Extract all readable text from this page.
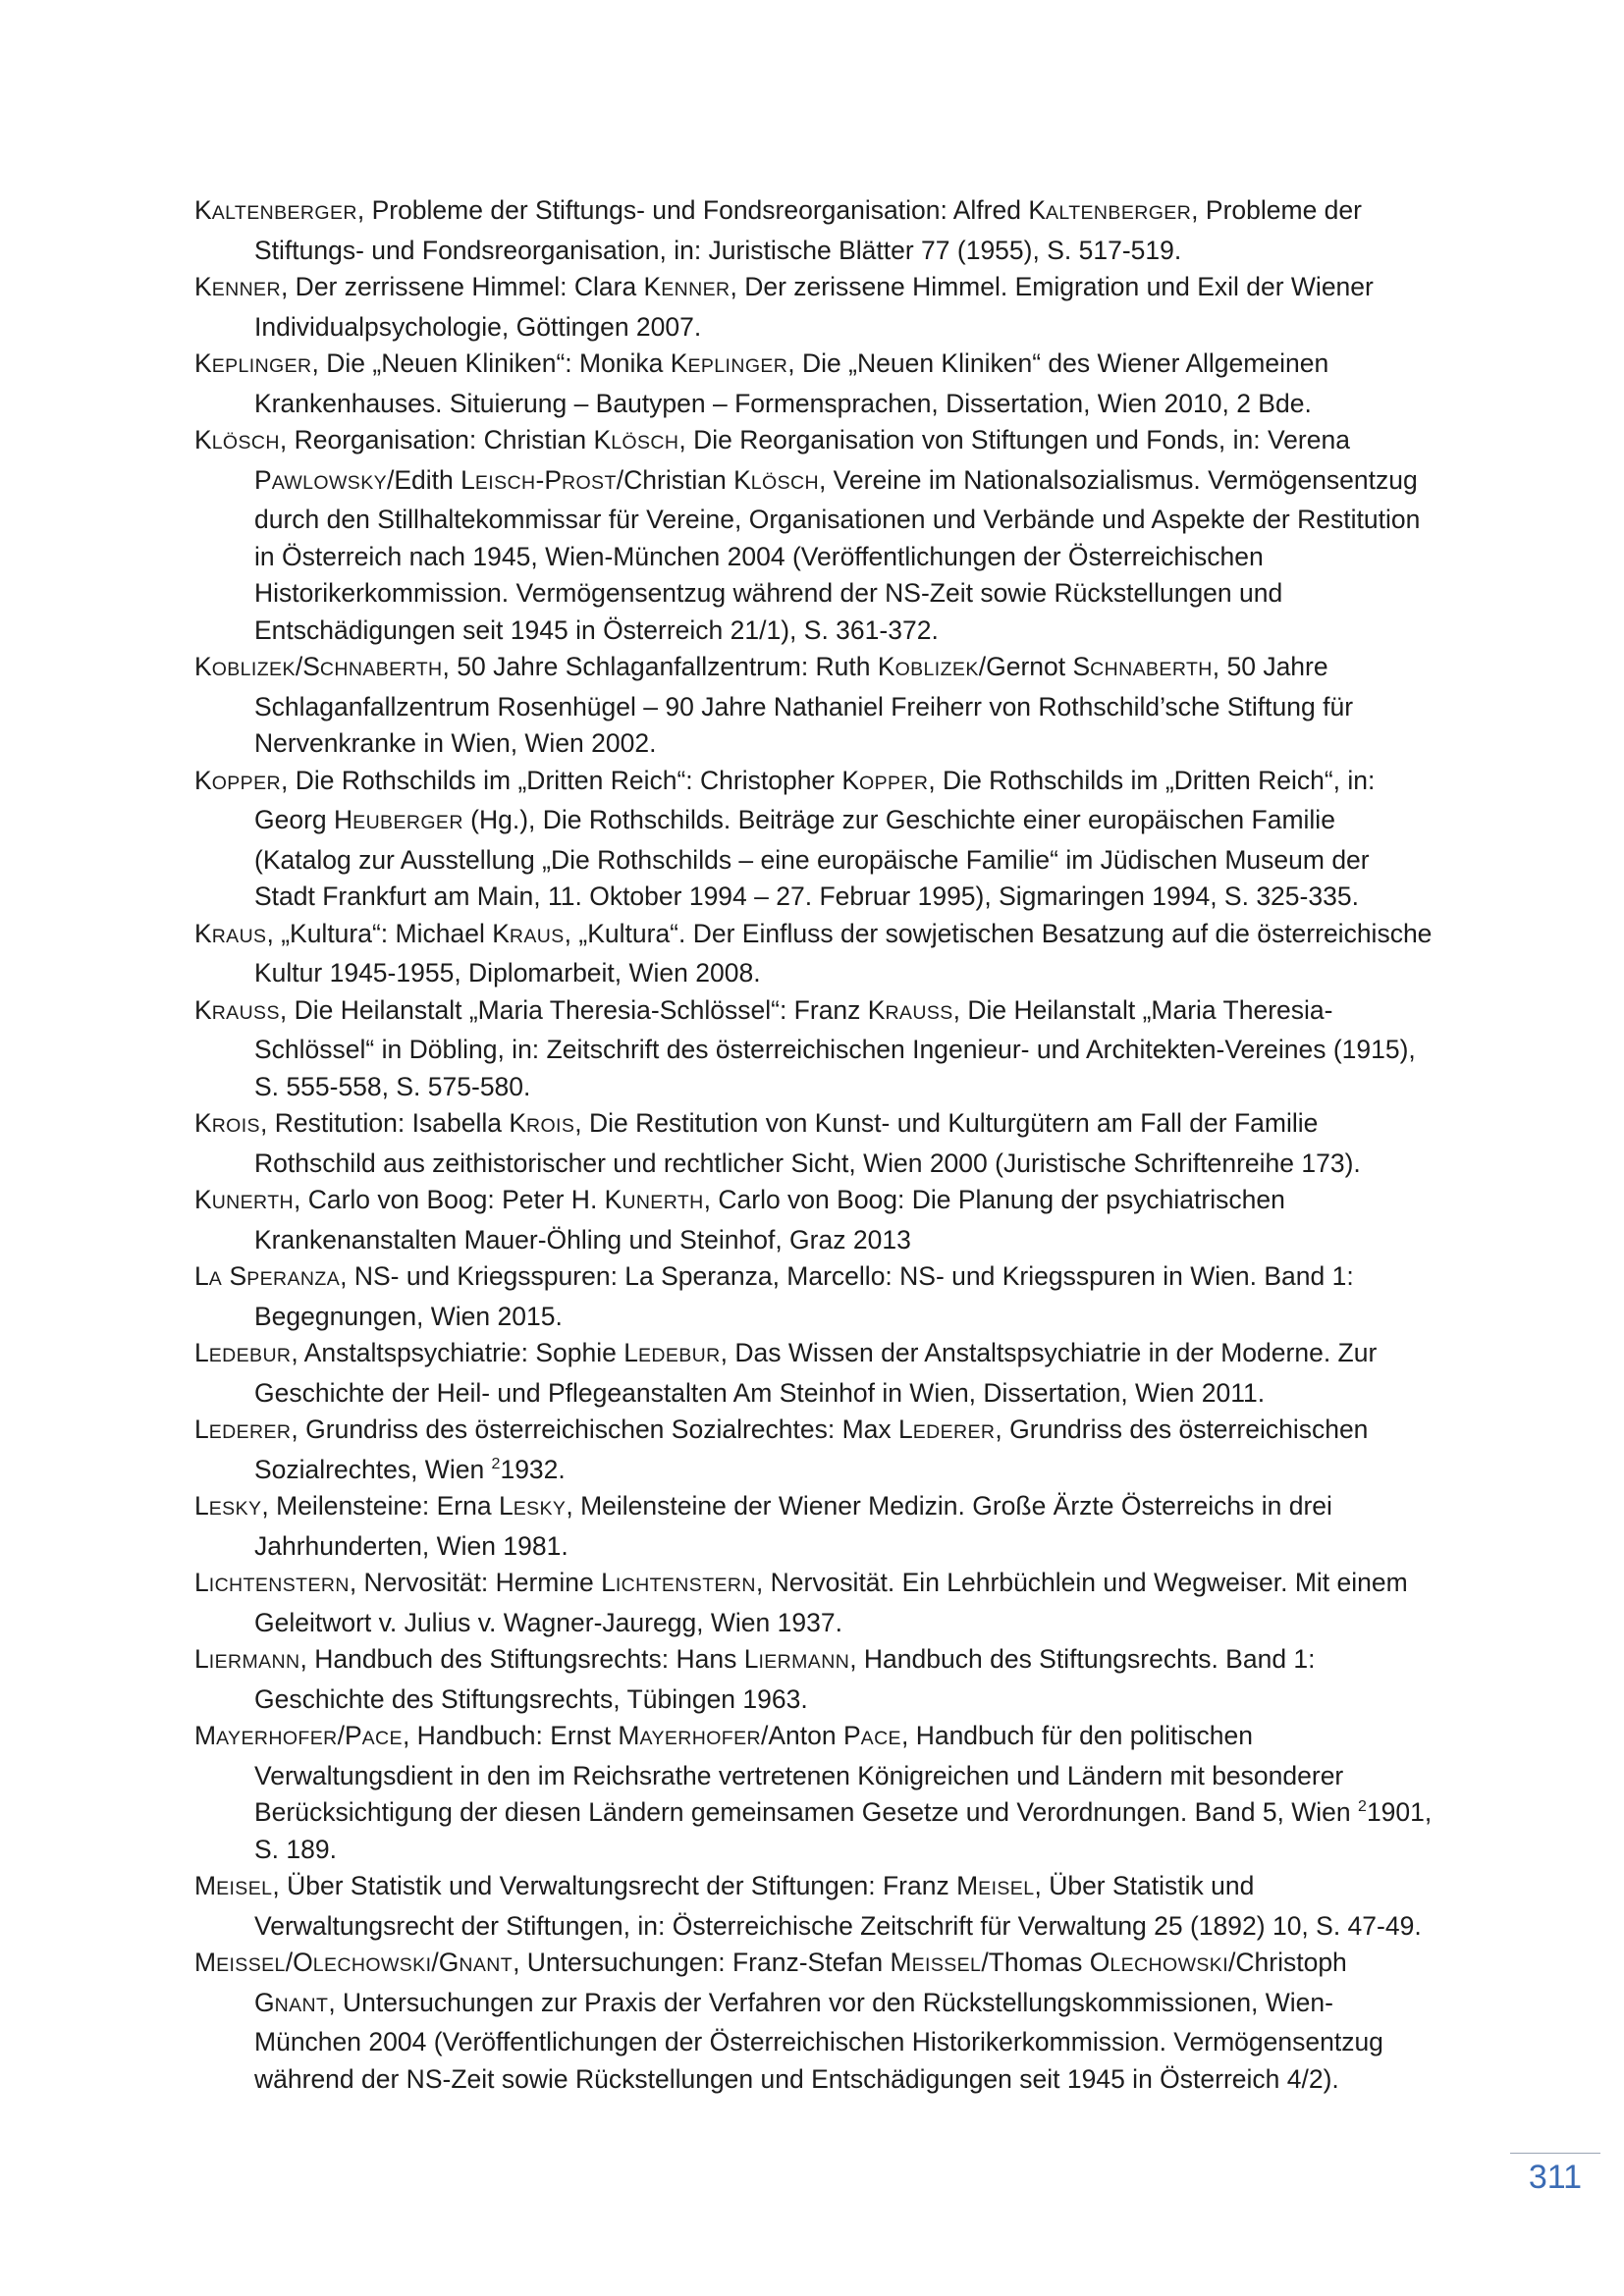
KALTENBERGER, Probleme der Stiftungs- und Fondsreorganisation: Alfred KALTENBERGER, Probleme der Stiftungs- und Fondsreorganisation, in: Juristische Blätter 77 (1955), S. 517-519.

KENNER, Der zerrissene Himmel: Clara KENNER, Der zerissene Himmel. Emigration und Exil der Wiener Individualpsychologie, Göttingen 2007.

KEPLINGER, Die „Neuen Kliniken“: Monika KEPLINGER, Die „Neuen Kliniken“ des Wiener Allgemeinen Krankenhauses. Situierung – Bautypen – Formensprachen, Dissertation, Wien 2010, 2 Bde.

KLÖSCH, Reorganisation: Christian KLÖSCH, Die Reorganisation von Stiftungen und Fonds, in: Verena PAWLOWSKY/Edith LEISCH-PROST/Christian KLÖSCH, Vereine im Nationalsozialismus. Vermögensentzug durch den Stillhaltekommissar für Vereine, Organisationen und Verbände und Aspekte der Restitution in Österreich nach 1945, Wien-München 2004 (Veröffentlichungen der Österreichischen Historikerkommission. Vermögensentzug während der NS-Zeit sowie Rückstellungen und Entschädigungen seit 1945 in Österreich 21/1), S. 361-372.

KOBLIZEK/SCHNABERTH, 50 Jahre Schlaganfallzentrum: Ruth KOBLIZEK/Gernot SCHNABERTH, 50 Jahre Schlaganfallzentrum Rosenhügel – 90 Jahre Nathaniel Freiherr von Rothschild’sche Stiftung für Nervenkranke in Wien, Wien 2002.

KOPPER, Die Rothschilds im „Dritten Reich“: Christopher KOPPER, Die Rothschilds im „Dritten Reich“, in: Georg HEUBERGER (Hg.), Die Rothschilds. Beiträge zur Geschichte einer europäischen Familie (Katalog zur Ausstellung „Die Rothschilds – eine europäische Familie“ im Jüdischen Museum der Stadt Frankfurt am Main, 11. Oktober 1994 – 27. Februar 1995), Sigmaringen 1994, S. 325-335.

KRAUS, „Kultura“: Michael KRAUS, „Kultura“. Der Einfluss der sowjetischen Besatzung auf die österreichische Kultur 1945-1955, Diplomarbeit, Wien 2008.

KRAUSS, Die Heilanstalt „Maria Theresia-Schlössel“: Franz KRAUSS, Die Heilanstalt „Maria Theresia-Schlössel“ in Döbling, in: Zeitschrift des österreichischen Ingenieur- und Architekten-Vereines (1915), S. 555-558, S. 575-580.

KROIS, Restitution: Isabella KROIS, Die Restitution von Kunst- und Kulturgütern am Fall der Familie Rothschild aus zeithistorischer und rechtlicher Sicht, Wien 2000 (Juristische Schriftenreihe 173).

KUNERTH, Carlo von Boog: Peter H. KUNERTH, Carlo von Boog: Die Planung der psychiatrischen Krankenanstalten Mauer-Öhling und Steinhof, Graz 2013

LA SPERANZA, NS- und Kriegsspuren: La Speranza, Marcello: NS- und Kriegsspuren in Wien. Band 1: Begegnungen, Wien 2015.

LEDEBUR, Anstaltspsychiatrie: Sophie LEDEBUR, Das Wissen der Anstaltspsychiatrie in der Moderne. Zur Geschichte der Heil- und Pflegeanstalten Am Steinhof in Wien, Dissertation, Wien 2011.

LEDERER, Grundriss des österreichischen Sozialrechtes: Max LEDERER, Grundriss des österreichischen Sozialrechtes, Wien $^2$1932.

LESKY, Meilensteine: Erna LESKY, Meilensteine der Wiener Medizin. Große Ärzte Österreichs in drei Jahrhunderten, Wien 1981.

LICHTENSTERN, Nervosität: Hermine LICHTENSTERN, Nervosität. Ein Lehrbüchlein und Wegweiser. Mit einem Geleitwort v. Julius v. Wagner-Jauregg, Wien 1937.

LIERMANN, Handbuch des Stiftungsrechts: Hans LIERMANN, Handbuch des Stiftungsrechts. Band 1: Geschichte des Stiftungsrechts, Tübingen 1963.

MAYERHOFER/PACE, Handbuch: Ernst MAYERHOFER/Anton PACE, Handbuch für den politischen Verwaltungsdient in den im Reichsrathe vertretenen Königreichen und Ländern mit besonderer Berücksichtigung der diesen Ländern gemeinsamen Gesetze und Verordnungen. Band 5, Wien $^2$1901, S. 189.

MEISEL, Über Statistik und Verwaltungsrecht der Stiftungen: Franz MEISEL, Über Statistik und Verwaltungsrecht der Stiftungen, in: Österreichische Zeitschrift für Verwaltung 25 (1892) 10, S. 47-49.

MEISSEL/OLECHOWSKI/GNANT, Untersuchungen: Franz-Stefan MEISSEL/Thomas OLECHOWSKI/Christoph GNANT, Untersuchungen zur Praxis der Verfahren vor den Rückstellungskommissionen, Wien-München 2004 (Veröffentlichungen der Österreichischen Historikerkommission. Vermögensentzug während der NS-Zeit sowie Rückstellungen und Entschädigungen seit 1945 in Österreich 4/2).

311
